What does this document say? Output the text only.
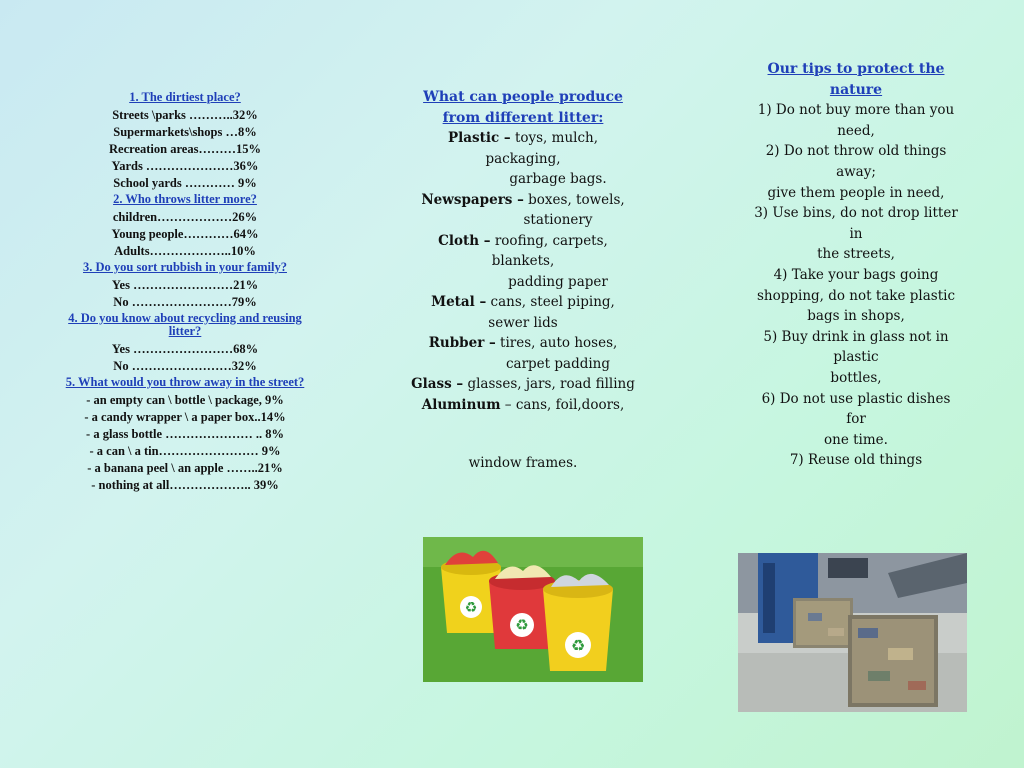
1. The dirtiest place?
Streets \parks ………..32%
Supermarkets\shops …8%
Recreation areas………15%
Yards …………………36%
School yards ………… 9%
2. Who throws litter more?
children………………26%
Young people…………64%
Adults………………..10%
3. Do you sort rubbish in your family?
Yes ……………………21%
No ……………………79%
4. Do you know about recycling and reusing litter?
Yes ……………………68%
No ……………………32%
5. What would you throw away in the street?
- an empty can \ bottle \ package, 9%
- a candy wrapper \ a paper box..14%
- a glass bottle ………………… .. 8%
- a can \ a tin…………………… 9%
- a banana peel \ an apple ……..21%
- nothing at all……………….. 39%
What can people produce from different litter:
Plastic – toys, mulch, packaging,
garbage bags.
Newspapers – boxes, towels,
stationery
Cloth – roofing, carpets, blankets,
padding paper
Metal – cans, steel piping, sewer lids
Rubber – tires, auto hoses,
carpet padding
Glass – glasses, jars, road filling
Aluminum – cans, foil,doors,
window frames.
♻
♻
♻
Our tips to protect the nature
1) Do not buy more than you need,
2) Do not throw old things away;
give them people in need,
3) Use bins, do not drop litter in
the streets,
4) Take your bags going shopping, do not take plastic
bags in shops,
5) Buy drink in glass not in plastic
bottles,
6) Do not use plastic dishes for
one time.
7) Reuse old things
